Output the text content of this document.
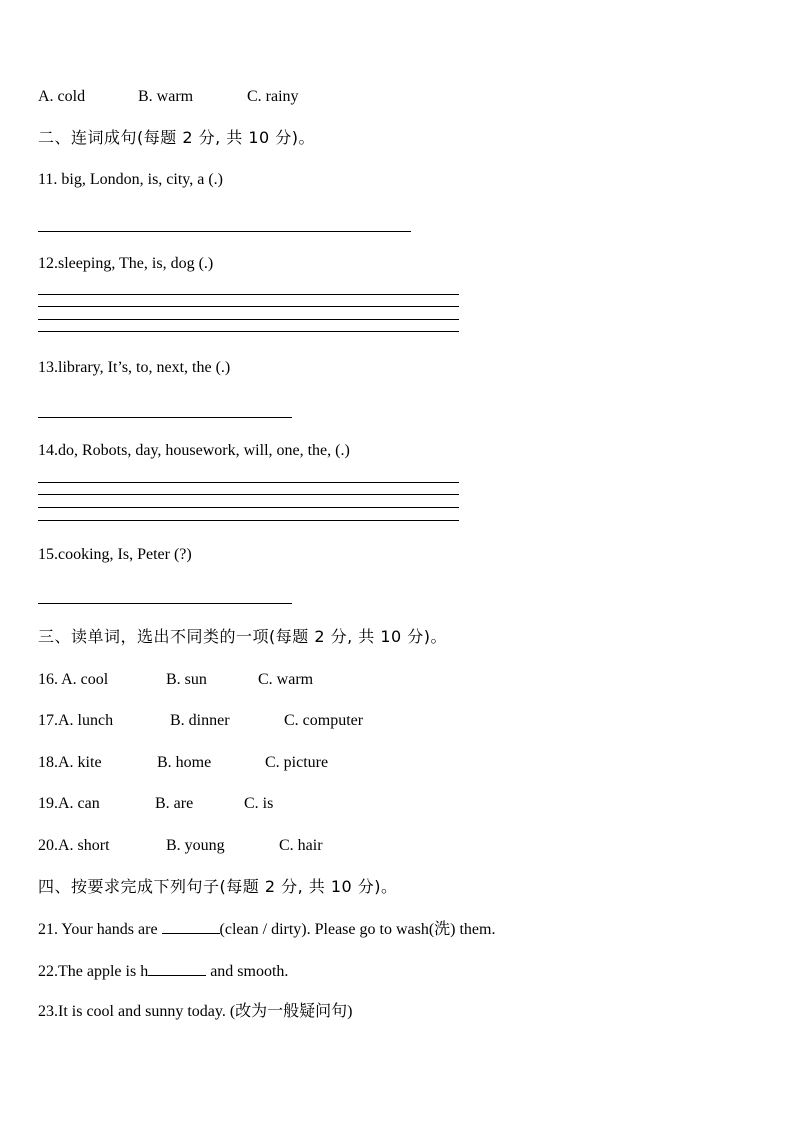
A. cold	B. warm	C. rainy
二、连词成句(每题 2 分, 共 10 分)。
11. big, London, is, city, a (.)
12.sleeping, The, is, dog (.)
13.library, It’s, to, next, the (.)
14.do, Robots, day, housework, will, one, the, (.)
15.cooking, Is, Peter (?)
三、读单词，选出不同类的一项(每题 2 分, 共 10 分)。
16. A. cool	B. sun	C. warm
17.A. lunch	B. dinner	C. computer
18.A. kite	B. home	C. picture
19.A. can	B. are	C. is
20.A. short	B. young	C. hair
四、按要求完成下列句子(每题 2 分, 共 10 分)。
21. Your hands are	(clean / dirty). Please go to wash(洗) them.
22.The apple is h	and smooth.
23.It is cool and sunny today. (改为一般疑问句)
